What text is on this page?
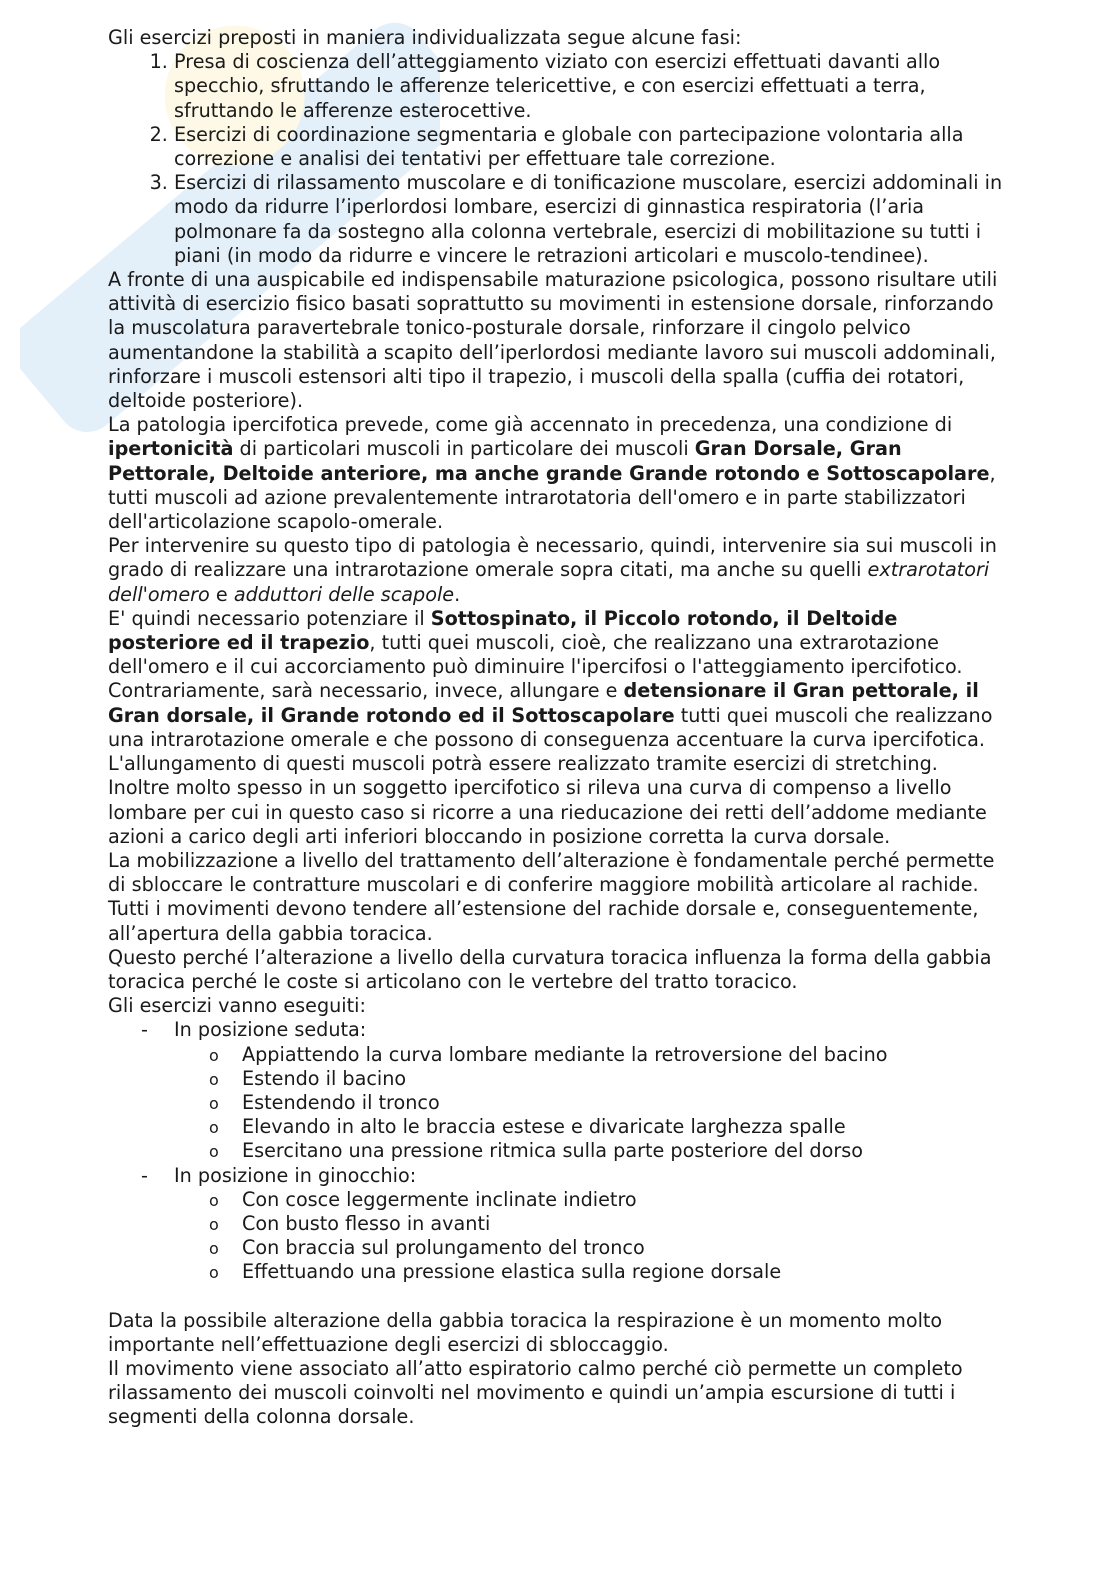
Gli esercizi preposti in maniera individualizzata segue alcune fasi:

1. Presa di coscienza dell’atteggiamento viziato con esercizi effettuati davanti allo specchio, sfruttando le afferenze telericettive, e con esercizi effettuati a terra, sfruttando le afferenze esterocettive.
2. Esercizi di coordinazione segmentaria e globale con partecipazione volontaria alla correzione e analisi dei tentativi per effettuare tale correzione.
3. Esercizi di rilassamento muscolare e di tonificazione muscolare, esercizi addominali in modo da ridurre l’iperlordosi lombare, esercizi di ginnastica respiratoria (l’aria polmonare fa da sostegno alla colonna vertebrale, esercizi di mobilitazione su tutti i piani (in modo da ridurre e vincere le retrazioni articolari e muscolo-tendinee).

A fronte di una auspicabile ed indispensabile maturazione psicologica, possono risultare utili attività di esercizio fisico basati soprattutto su movimenti in estensione dorsale, rinforzando la muscolatura paravertebrale tonico-posturale dorsale, rinforzare il cingolo pelvico aumentandone la stabilità a scapito dell’iperlordosi mediante lavoro sui muscoli addominali, rinforzare i muscoli estensori alti tipo il trapezio, i muscoli della spalla (cuffia dei rotatori, deltoide posteriore).

La patologia ipercifotica prevede, come già accennato in precedenza, una condizione di ipertonicità di particolari muscoli in particolare dei muscoli Gran Dorsale, Gran Pettorale, Deltoide anteriore, ma anche grande Grande rotondo e Sottoscapolare, tutti muscoli ad azione prevalentemente intrarotatoria dell'omero e in parte stabilizzatori dell'articolazione scapolo-omerale.

Per intervenire su questo tipo di patologia è necessario, quindi, intervenire sia sui muscoli in grado di realizzare una intrarotazione omerale sopra citati, ma anche su quelli extrarotatori dell'omero e adduttori delle scapole.

E' quindi necessario potenziare il Sottospinato, il Piccolo rotondo, il Deltoide posteriore ed il trapezio, tutti quei muscoli, cioè, che realizzano una extrarotazione dell'omero e il cui accorciamento può diminuire l'ipercifosi o l'atteggiamento ipercifotico.

Contrariamente, sarà necessario, invece, allungare e detensionare il Gran pettorale, il Gran dorsale, il Grande rotondo ed il Sottoscapolare tutti quei muscoli che realizzano una intrarotazione omerale e che possono di conseguenza accentuare la curva ipercifotica.

L'allungamento di questi muscoli potrà essere realizzato tramite esercizi di stretching.

Inoltre molto spesso in un soggetto ipercifotico si rileva una curva di compenso a livello lombare per cui in questo caso si ricorre a una rieducazione dei retti dell’addome mediante azioni a carico degli arti inferiori bloccando in posizione corretta la curva dorsale.

La mobilizzazione a livello del trattamento dell’alterazione è fondamentale perché permette di sbloccare le contratture muscolari e di conferire maggiore mobilità articolare al rachide.

Tutti i movimenti devono tendere all’estensione del rachide dorsale e, conseguentemente, all’apertura della gabbia toracica.

Questo perché l’alterazione a livello della curvatura toracica influenza la forma della gabbia toracica perché le coste si articolano con le vertebre del tratto toracico.

Gli esercizi vanno eseguiti:

- In posizione seduta:
o Appiattendo la curva lombare mediante la retroversione del bacino
o Estendo il bacino
o Estendendo il tronco
o Elevando in alto le braccia estese e divaricate larghezza spalle
o Esercitano una pressione ritmica sulla parte posteriore del dorso
- In posizione in ginocchio:
o Con cosce leggermente inclinate indietro
o Con busto flesso in avanti
o Con braccia sul prolungamento del tronco
o Effettuando una pressione elastica sulla regione dorsale

Data la possibile alterazione della gabbia toracica la respirazione è un momento molto importante nell’effettuazione degli esercizi di sbloccaggio.

Il movimento viene associato all’atto espiratorio calmo perché ciò permette un completo rilassamento dei muscoli coinvolti nel movimento e quindi un’ampia escursione di tutti i segmenti della colonna dorsale.
